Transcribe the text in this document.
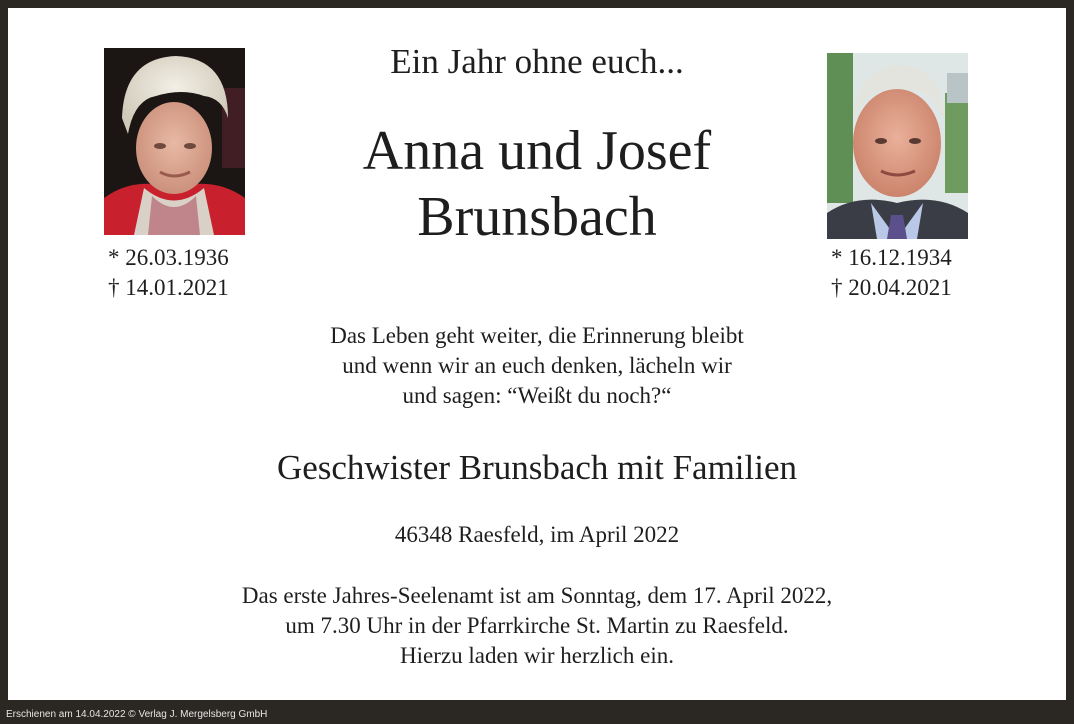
Ein Jahr ohne euch...
Anna und Josef
Brunsbach
* 26.03.1936
† 14.01.2021
* 16.12.1934
† 20.04.2021
Das Leben geht weiter, die Erinnerung bleibt
und wenn wir an euch denken, lächeln wir
und sagen: “Weißt du noch?“
Geschwister Brunsbach mit Familien
46348 Raesfeld, im April 2022
Das erste Jahres-Seelenamt ist am Sonntag, dem 17. April 2022,
um 7.30 Uhr in der Pfarrkirche St. Martin zu Raesfeld.
Hierzu laden wir herzlich ein.
Erschienen am 14.04.2022 © Verlag J. Mergelsberg GmbH
